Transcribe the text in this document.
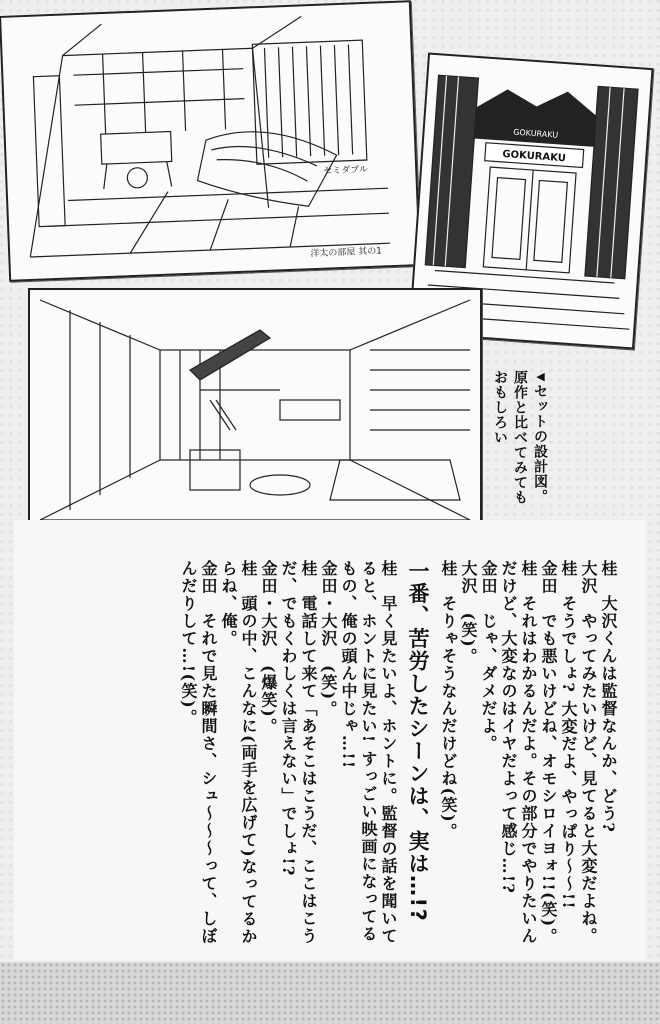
セミダブル
洋太の部屋 其の1
GOKURAKU
GOKURAKU
◀セットの設計図。
原作と比べてみても
おもしろい
桂　大沢くんは監督なんか、どう?
大沢　やってみたいけど、見てると大変だよね。
桂　そうでしょ? 大変だよ、やっぱり〜〜!!
金田　でも悪いけどね、オモシロイヨォ!!(笑)。
桂　それはわかるんだよ。その部分でやりたいんだけど、大変なのはイヤだよって感じ…!?
金田　じゃ、ダメだよ。
大沢　(笑)。
桂　そりゃそうなんだけどね(笑)。
一番、苦労したシーンは、実は…!?
桂　早く見たいよ、ホントに。監督の話を聞いてると、ホントに見たい! すっごい映画になってるもの、俺の頭ん中じゃ…!!
金田・大沢　(笑)。
桂　電話して来て「あそこはこうだ、ここはこうだ、でもくわしくは言えない」でしょ!?
金田・大沢　(爆笑)。
桂　頭の中、こんなに(両手を広げて)なってるからね、俺。
金田　それで見た瞬間さ、シュ〜〜〜って、しぼんだりして…!(笑)。
